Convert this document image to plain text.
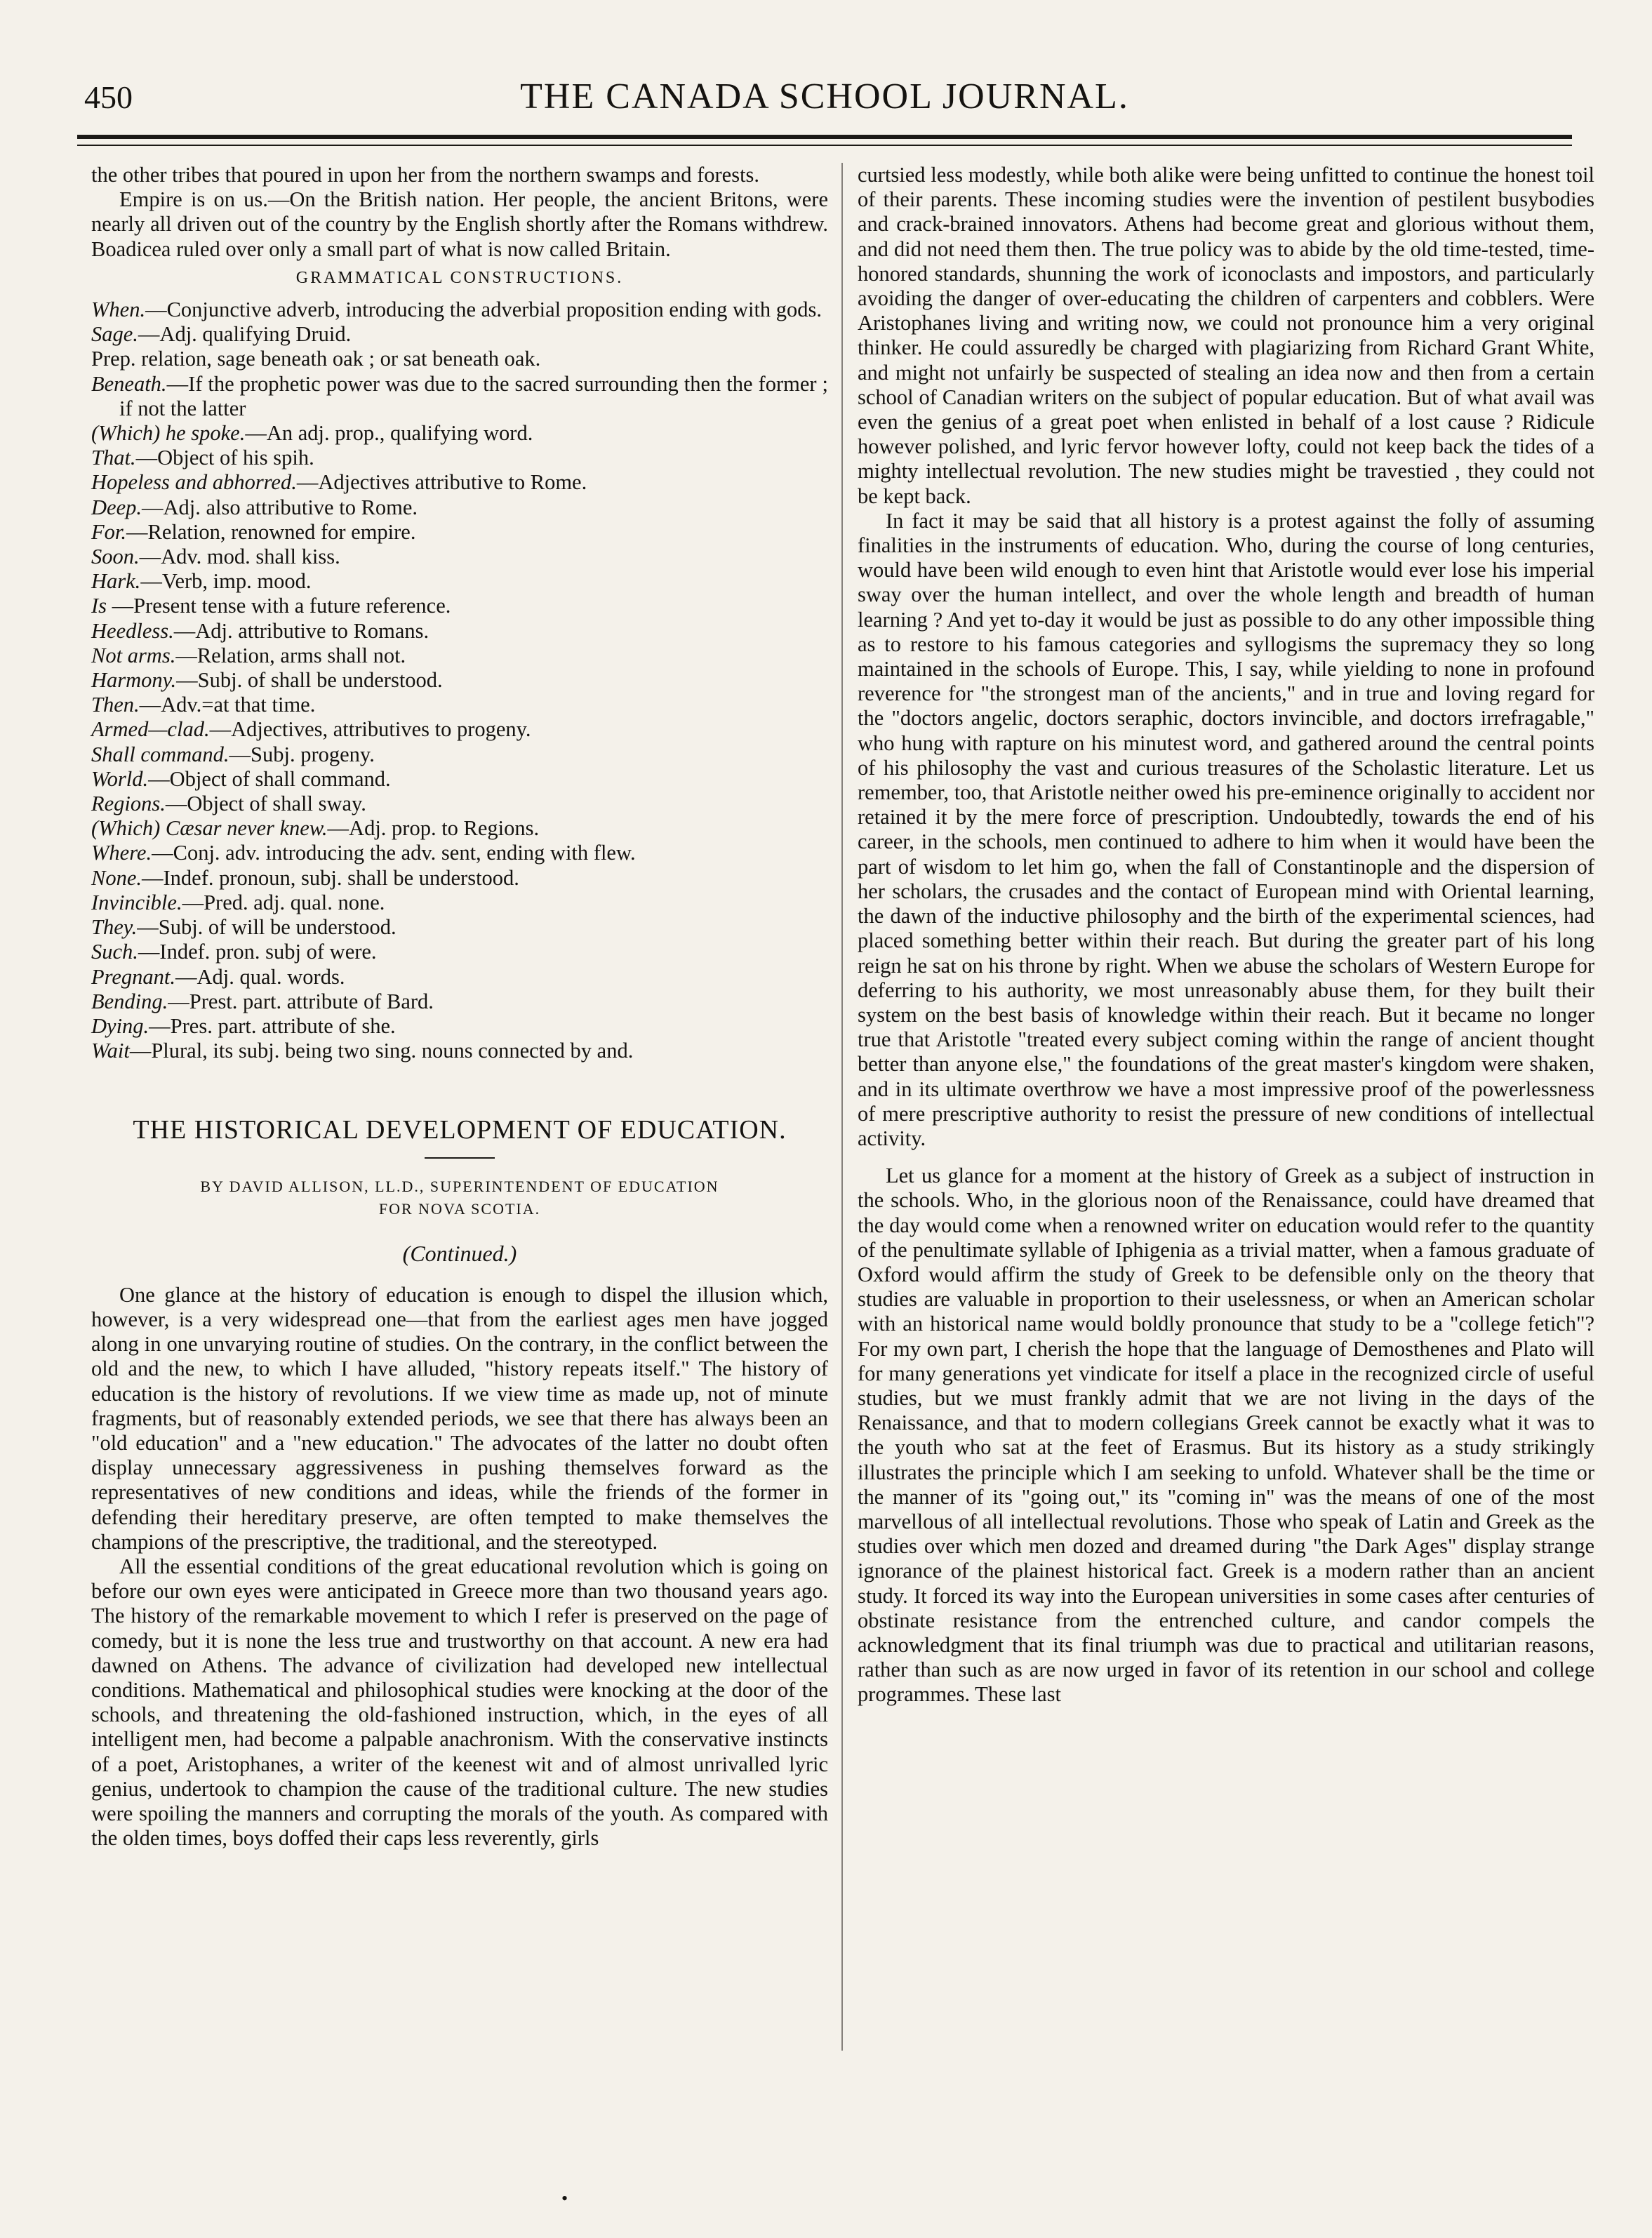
450	THE CANADA SCHOOL JOURNAL.

the other tribes that poured in upon her from the northern swamps and forests.

Empire is on us.—On the British nation. Her people, the ancient Britons, were nearly all driven out of the country by the English shortly after the Romans withdrew. Boadicea ruled over only a small part of what is now called Britain.

GRAMMATICAL CONSTRUCTIONS.

When.—Conjunctive adverb, introducing the adverbial proposition ending with gods.

Sage.—Adj. qualifying Druid.

Prep. relation, sage beneath oak ; or sat beneath oak.

Beneath.—If the prophetic power was due to the sacred surrounding then the former ; if not the latter

(Which) he spoke.—An adj. prop., qualifying word.

That.—Object of his spih.

Hopeless and abhorred.—Adjectives attributive to Rome.

Deep.—Adj. also attributive to Rome.

For.—Relation, renowned for empire.

Soon.—Adv. mod. shall kiss.

Hark.—Verb, imp. mood.

Is —Present tense with a future reference.

Heedless.—Adj. attributive to Romans.

Not arms.—Relation, arms shall not.

Harmony.—Subj. of shall be understood.

Then.—Adv.=at that time.

Armed—clad.—Adjectives, attributives to progeny.

Shall command.—Subj. progeny.

World.—Object of shall command.

Regions.—Object of shall sway.

(Which) Cæsar never knew.—Adj. prop. to Regions.

Where.—Conj. adv. introducing the adv. sent, ending with flew.

None.—Indef. pronoun, subj. shall be understood.

Invincible.—Pred. adj. qual. none.

They.—Subj. of will be understood.

Such.—Indef. pron. subj of were.

Pregnant.—Adj. qual. words.

Bending.—Prest. part. attribute of Bard.

Dying.—Pres. part. attribute of she.

Wait—Plural, its subj. being two sing. nouns connected by and.

THE HISTORICAL DEVELOPMENT OF EDUCATION.
BY DAVID ALLISON, LL.D., SUPERINTENDENT OF EDUCATION
FOR NOVA SCOTIA.
(Continued.)

One glance at the history of education is enough to dispel the illusion which, however, is a very widespread one—that from the earliest ages men have jogged along in one unvarying routine of studies. On the contrary, in the conflict between the old and the new, to which I have alluded, "history repeats itself." The history of education is the history of revolutions. If we view time as made up, not of minute fragments, but of reasonably extended periods, we see that there has always been an "old education" and a "new education." The advocates of the latter no doubt often display unnecessary aggressiveness in pushing themselves forward as the representatives of new conditions and ideas, while the friends of the former in defending their hereditary preserve, are often tempted to make themselves the champions of the prescriptive, the traditional, and the stereotyped.

All the essential conditions of the great educational revolution which is going on before our own eyes were anticipated in Greece more than two thousand years ago. The history of the remarkable movement to which I refer is preserved on the page of comedy, but it is none the less true and trustworthy on that account. A new era had dawned on Athens. The advance of civilization had developed new intellectual conditions. Mathematical and philosophical studies were knocking at the door of the schools, and threatening the old-fashioned instruction, which, in the eyes of all intelligent men, had become a palpable anachronism. With the conservative instincts of a poet, Aristophanes, a writer of the keenest wit and of almost unrivalled lyric genius, undertook to champion the cause of the traditional culture. The new studies were spoiling the manners and corrupting the morals of the youth. As compared with the olden times, boys doffed their caps less reverently, girls

curtsied less modestly, while both alike were being unfitted to continue the honest toil of their parents. These incoming studies were the invention of pestilent busybodies and crack-brained innovators. Athens had become great and glorious without them, and did not need them then. The true policy was to abide by the old time-tested, time-honored standards, shunning the work of iconoclasts and impostors, and particularly avoiding the danger of over-educating the children of carpenters and cobblers. Were Aristophanes living and writing now, we could not pronounce him a very original thinker. He could assuredly be charged with plagiarizing from Richard Grant White, and might not unfairly be suspected of stealing an idea now and then from a certain school of Canadian writers on the subject of popular education. But of what avail was even the genius of a great poet when enlisted in behalf of a lost cause ? Ridicule however polished, and lyric fervor however lofty, could not keep back the tides of a mighty intellectual revolution. The new studies might be travestied , they could not be kept back.

In fact it may be said that all history is a protest against the folly of assuming finalities in the instruments of education. Who, during the course of long centuries, would have been wild enough to even hint that Aristotle would ever lose his imperial sway over the human intellect, and over the whole length and breadth of human learning ? And yet to-day it would be just as possible to do any other impossible thing as to restore to his famous categories and syllogisms the supremacy they so long maintained in the schools of Europe. This, I say, while yielding to none in profound reverence for "the strongest man of the ancients," and in true and loving regard for the "doctors angelic, doctors seraphic, doctors invincible, and doctors irrefragable," who hung with rapture on his minutest word, and gathered around the central points of his philosophy the vast and curious treasures of the Scholastic literature. Let us remember, too, that Aristotle neither owed his pre-eminence originally to accident nor retained it by the mere force of prescription. Undoubtedly, towards the end of his career, in the schools, men continued to adhere to him when it would have been the part of wisdom to let him go, when the fall of Constantinople and the dispersion of her scholars, the crusades and the contact of European mind with Oriental learning, the dawn of the inductive philosophy and the birth of the experimental sciences, had placed something better within their reach. But during the greater part of his long reign he sat on his throne by right. When we abuse the scholars of Western Europe for deferring to his authority, we most unreasonably abuse them, for they built their system on the best basis of knowledge within their reach. But it became no longer true that Aristotle "treated every subject coming within the range of ancient thought better than anyone else," the foundations of the great master's kingdom were shaken, and in its ultimate overthrow we have a most impressive proof of the powerlessness of mere prescriptive authority to resist the pressure of new conditions of intellectual activity.

Let us glance for a moment at the history of Greek as a subject of instruction in the schools. Who, in the glorious noon of the Renaissance, could have dreamed that the day would come when a renowned writer on education would refer to the quantity of the penultimate syllable of Iphigenia as a trivial matter, when a famous graduate of Oxford would affirm the study of Greek to be defensible only on the theory that studies are valuable in proportion to their uselessness, or when an American scholar with an historical name would boldly pronounce that study to be a "college fetich"? For my own part, I cherish the hope that the language of Demosthenes and Plato will for many generations yet vindicate for itself a place in the recognized circle of useful studies, but we must frankly admit that we are not living in the days of the Renaissance, and that to modern collegians Greek cannot be exactly what it was to the youth who sat at the feet of Erasmus. But its history as a study strikingly illustrates the principle which I am seeking to unfold. Whatever shall be the time or the manner of its "going out," its "coming in" was the means of one of the most marvellous of all intellectual revolutions. Those who speak of Latin and Greek as the studies over which men dozed and dreamed during "the Dark Ages" display strange ignorance of the plainest historical fact. Greek is a modern rather than an ancient study. It forced its way into the European universities in some cases after centuries of obstinate resistance from the entrenched culture, and candor compels the acknowledgment that its final triumph was due to practical and utilitarian reasons, rather than such as are now urged in favor of its retention in our school and college programmes. These last

•
